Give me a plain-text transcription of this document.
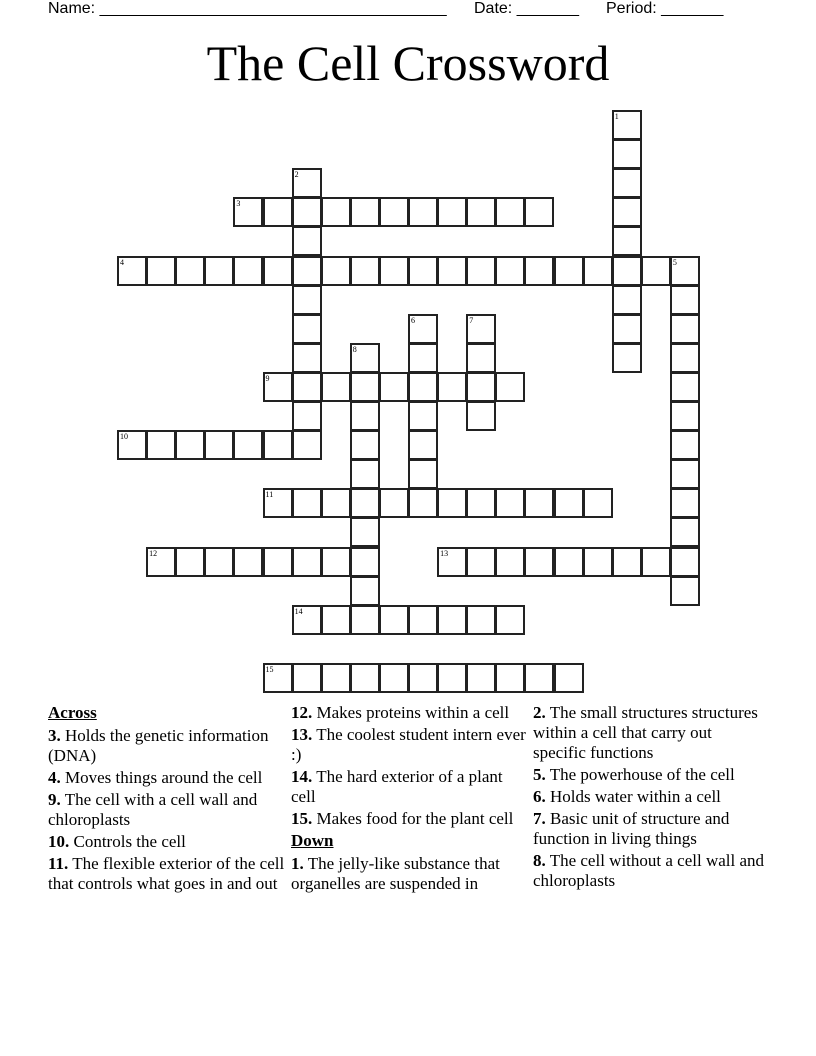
Name: _______________________________________ Date: _______ Period: _______
The Cell Crossword
1
2
3
4	5
6	7
8
9
10
11
12	13
14
15
Across
3. Holds the genetic information (DNA)
4. Moves things around the cell
9. The cell with a cell wall and chloroplasts
10. Controls the cell
11. The flexible exterior of the cell that controls what goes in and out
12. Makes proteins within a cell
13. The coolest student intern ever :)
14. The hard exterior of a plant cell
15. Makes food for the plant cell
Down
1. The jelly-like substance that organelles are suspended in
2. The small structures structures within a cell that carry out specific functions
5. The powerhouse of the cell
6. Holds water within a cell
7. Basic unit of structure and function in living things
8. The cell without a cell wall and chloroplasts
